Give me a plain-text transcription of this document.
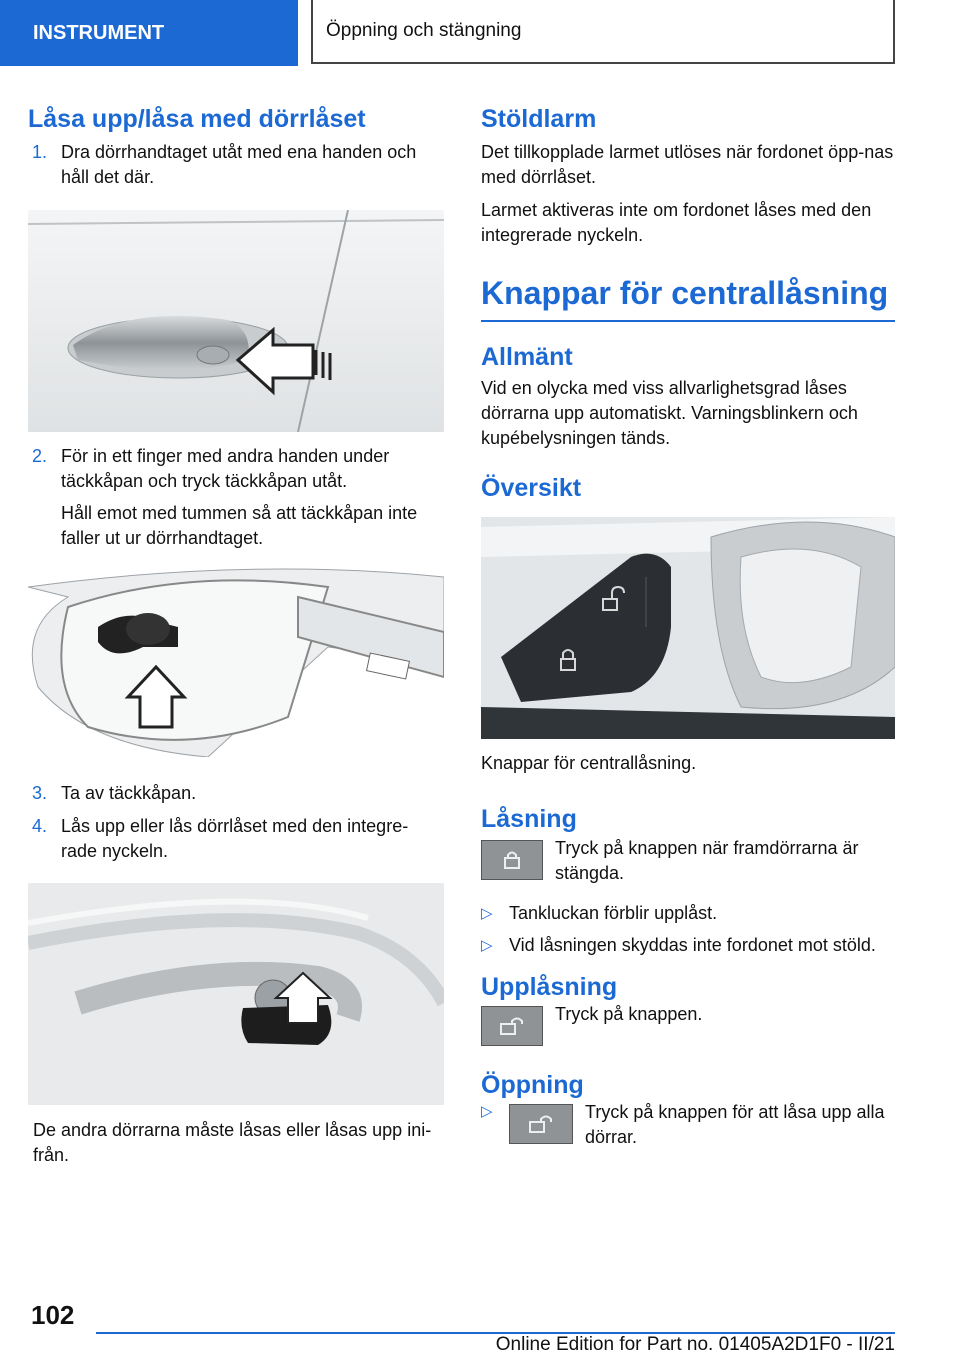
INSTRUMENT	Öppning och stängning
Låsa upp/låsa med dörrlåset
1. Dra dörrhandtaget utåt med ena handen och håll det där.
2. För in ett finger med andra handen under täckkåpan och tryck täckkåpan utåt.
Håll emot med tummen så att täckkåpan inte faller ut ur dörrhandtaget.
3. Ta av täckkåpan.
4. Lås upp eller lås dörrlåset med den integre-rade nyckeln.

De andra dörrarna måste låsas eller låsas upp ini-från.

Stöldlarm

Det tillkopplade larmet utlöses när fordonet öpp-nas med dörrlåset.

Larmet aktiveras inte om fordonet låses med den integrerade nyckeln.

Knappar för centrallåsning
Allmänt

Vid en olycka med viss allvarlighetsgrad låses dörrarna upp automatiskt. Varningsblinkern och kupébelysningen tänds.

Översikt

Knappar för centrallåsning.

Låsning
Tryck på knappen när framdörrarna är stängda.
▷ Tankluckan förblir upplåst.
▷ Vid låsningen skyddas inte fordonet mot stöld.
Upplåsning
Tryck på knappen.
Öppning
▷	Tryck på knappen för att låsa upp alla dörrar.
102
Online Edition for Part no. 01405A2D1F0 - II/21
